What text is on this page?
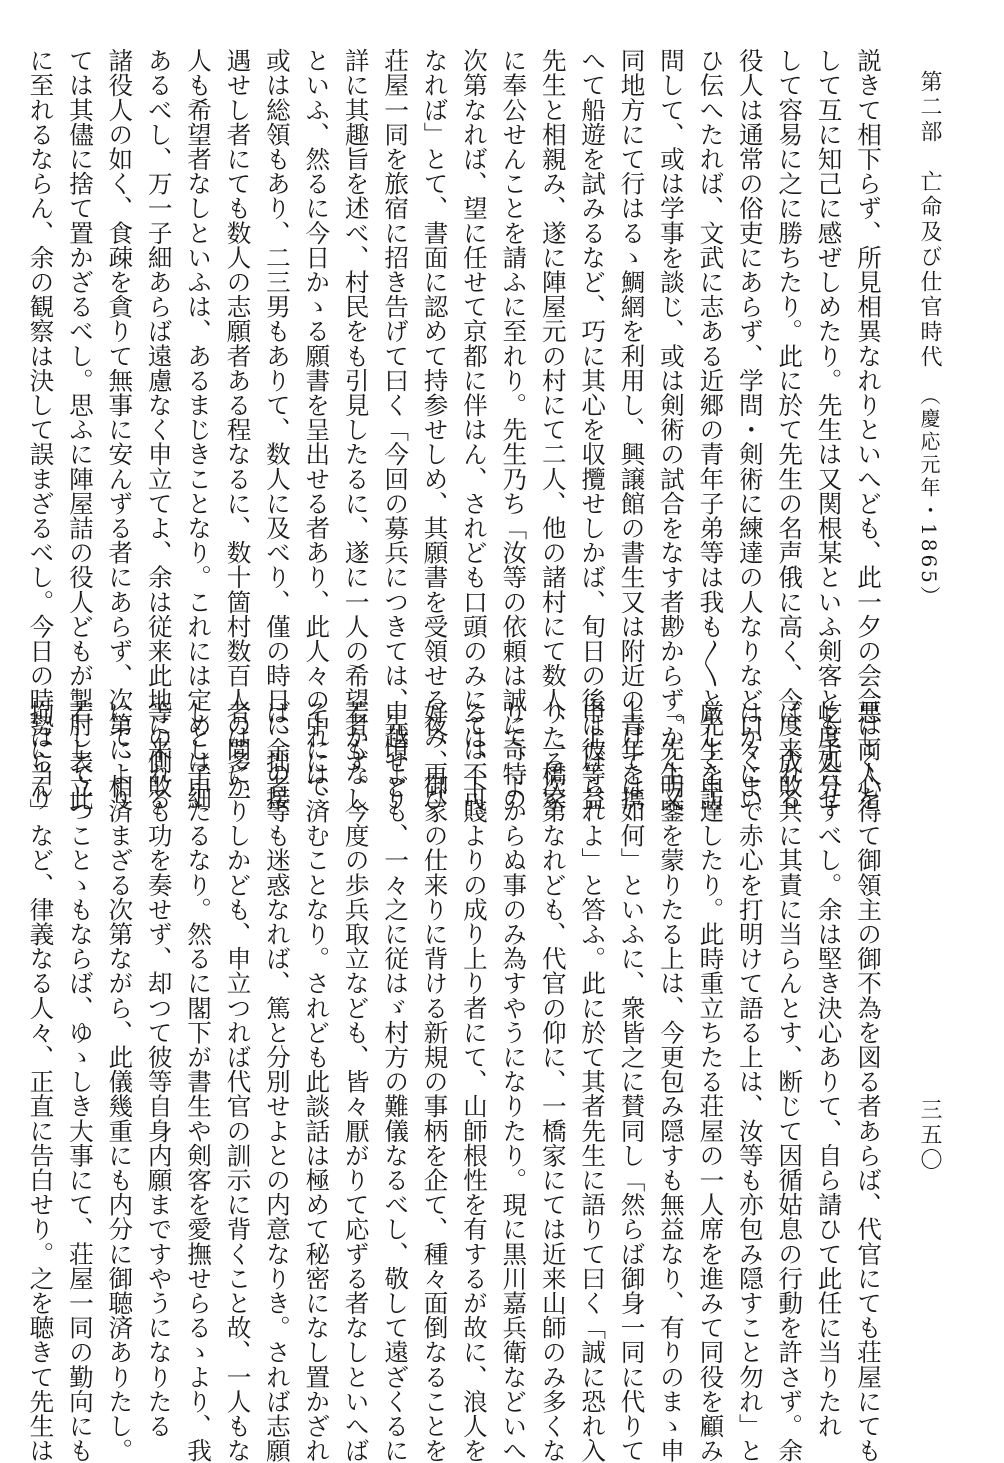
第二部　亡命及び仕官時代　（慶応元年・1865）
三五〇
説きて相下らず、所見相異なれりといへども、此一夕の会合は両人を
して互に知己に感ぜしめたり。先生は又関根某といふ剣客とも手合せ
して容易に之に勝ちたり。此に於て先生の名声俄に高く、今度来れる
役人は通常の俗吏にあらず、学問・剣術に練達の人なりなど口々にい
ひ伝へたれば、文武に志ある近郷の青年子弟等は我も〳〵と先生を訪
問して、或は学事を談じ、或は剣術の試合をなす者尠からず。先生又
同地方にて行はるゝ鯛網を利用し、興譲館の書生又は附近の青年を携
へて船遊を試みるなど、巧に其心を収攬せしかば、旬日の後は彼等益
先生と相親み、遂に陣屋元の村にて二人、他の諸村にて数人、一橋家
に奉公せんことを請ふに至れり。先生乃ち「汝等の依頼は誠に奇特の
次第なれば、望に任せて京都に伴はん、されども口頭のみにては不可
なれば」とて、書面に認めて持参せしめ、其願書を受領せる夜、再び
荘屋一同を旅宿に招き告げて曰く「今回の募兵につきては、先頃より
詳に其趣旨を述べ、村民をも引見したるに、遂に一人の希望者もなし
といふ、然るに今日かゝる願書を呈出せる者あり、此人々の中には、
或は総領もあり、二三男もありて、数人に及べり、僅の時日に余の接
遇せし者にても数人の志願者ある程なるに、数十箇村数百人の間に一
人も希望者なしといふは、あるまじきことなり。これには定めし子細
あるべし、万一子細あらば遠慮なく申立てよ、余は従来此地に来れる
諸役人の如く、食疎を貪りて無事に安んずる者にあらず、次第により
ては其儘に捨て置かざるべし。思ふに陣屋詰の役人どもが掣肘して此
に至れるならん、余の観察は決して誤まざるべし。今日の時勢に当り
悪しく心得て御領主の御不為を図る者あらば、代官にても荘屋にても
屹度処分すべし。余は堅き決心ありて、自ら請ひて此任に当りたれ
ば、成敗共に其責に当らんとす、断じて因循姑息の行動を許さず。余
はかくまで赤心を打明けて語る上は、汝等も亦包み隠すこと勿れ」と
厳しく申達したり。此時重立ちたる荘屋の一人席を進みて同役を顧み
「かく明鑒を蒙りたる上は、今更包み隠すも無益なり、有りのまゝ申
上げては如何」といふに、衆皆之に賛同し「然らば御身一同に代りて
申上げられよ」と答ふ。此に於て其者先生に語りて曰く「誠に恐れ入
りたる次第なれども、代官の仰に、一橋家にては近来山師のみ多くな
りて、よからぬ事のみ為すやうになりたり。現に黒川嘉兵衛などいへ
るは、下賤よりの成り上り者にて、山師根性を有するが故に、浪人を
好み、御家の仕来りに背ける新規の事柄を企て、種々面倒なることを
申越せども、一々之に従はゞ村方の難儀なるべし、敬して遠ざくるに
若かず。今度の歩兵取立なども、皆々厭がりて応ずる者なしといへば
それにて済むことなり。されども此談話は極めて秘密になし置かざれ
ば、拙者等も迷惑なれば、篤と分別せよとの内意なりき。されば志願
者は多かりしかども、申立つれば代官の訓示に背くこと故、一人もな
しとは申たるなり。然るに閣下が書生や剣客を愛撫せらるゝより、我
等の側敗も功を奏せず、却つて彼等自身内願まですやうになりたる
にて、相済まざる次第ながら、此儀幾重にも内分に御聴済ありたし。
若し表立つことゝもならば、ゆゝしき大事にて、荘屋一同の勤向にも
拘はらん」など、律義なる人々、正直に告白せり。之を聴きて先生は
